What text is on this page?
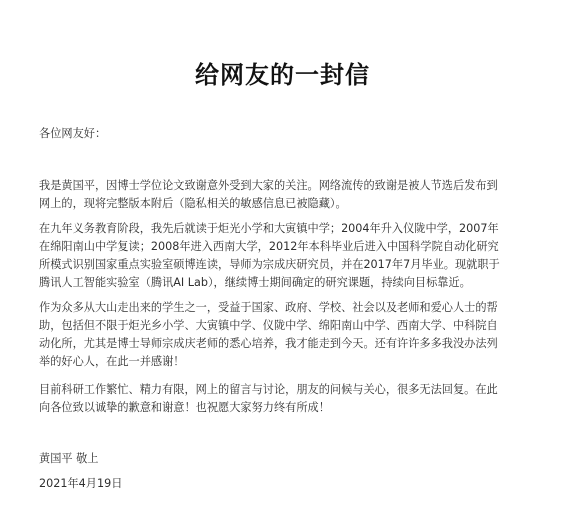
给网友的一封信
各位网友好：
我是黄国平，因博士学位论文致谢意外受到大家的关注。网络流传的致谢是被人节选后发布到
网上的，现将完整版本附后（隐私相关的敏感信息已被隐藏）。
在九年义务教育阶段，我先后就读于炬光小学和大寅镇中学；2004年升入仪陇中学，2007年
在绵阳南山中学复读；2008年进入西南大学，2012年本科毕业后进入中国科学院自动化研究
所模式识别国家重点实验室硕博连读，导师为宗成庆研究员，并在2017年7月毕业。现就职于
腾讯人工智能实验室（腾讯AI Lab），继续博士期间确定的研究课题，持续向目标靠近。
作为众多从大山走出来的学生之一，受益于国家、政府、学校、社会以及老师和爱心人士的帮
助，包括但不限于炬光乡小学、大寅镇中学、仪陇中学、绵阳南山中学、西南大学、中科院自
动化所，尤其是博士导师宗成庆老师的悉心培养，我才能走到今天。还有许许多多我没办法列
举的好心人，在此一并感谢！
目前科研工作繁忙、精力有限，网上的留言与讨论，朋友的问候与关心，很多无法回复。在此
向各位致以诚挚的歉意和谢意！也祝愿大家努力终有所成！
黄国平 敬上
2021年4月19日
